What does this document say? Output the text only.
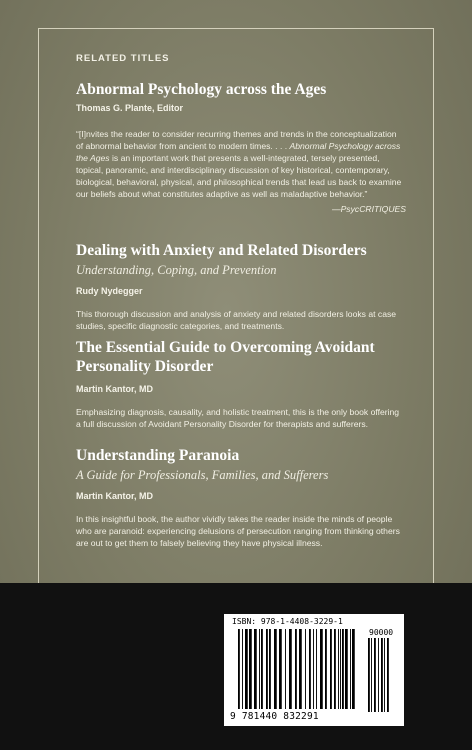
RELATED TITLES
Abnormal Psychology across the Ages

Thomas G. Plante, Editor

“[I]nvites the reader to consider recurring themes and trends in the conceptualization of abnormal behavior from ancient to modern times. . . . Abnormal Psychology across the Ages is an important work that presents a well-integrated, tersely presented, topical, panoramic, and interdisciplinary discussion of key historical, contemporary, biological, behavioral, physical, and philosophical trends that lead us back to examine our beliefs about what constitutes adaptive as well as maladaptive behavior.”

—PsycCRITIQUES

Dealing with Anxiety and Related Disorders

Understanding, Coping, and Prevention

Rudy Nydegger

This thorough discussion and analysis of anxiety and related disorders looks at case studies, specific diagnostic categories, and treatments.

The Essential Guide to Overcoming Avoidant Personality Disorder

Martin Kantor, MD

Emphasizing diagnosis, causality, and holistic treatment, this is the only book offering a full discussion of Avoidant Personality Disorder for therapists and sufferers.

Understanding Paranoia

A Guide for Professionals, Families, and Sufferers

Martin Kantor, MD

In this insightful book, the author vividly takes the reader inside the minds of people who are paranoid: experiencing delusions of persecution ranging from thinking others are out to get them to falsely believing they have physical illness.

ISBN: 978-1-4408-3229-1
90000
9 781440 832291
